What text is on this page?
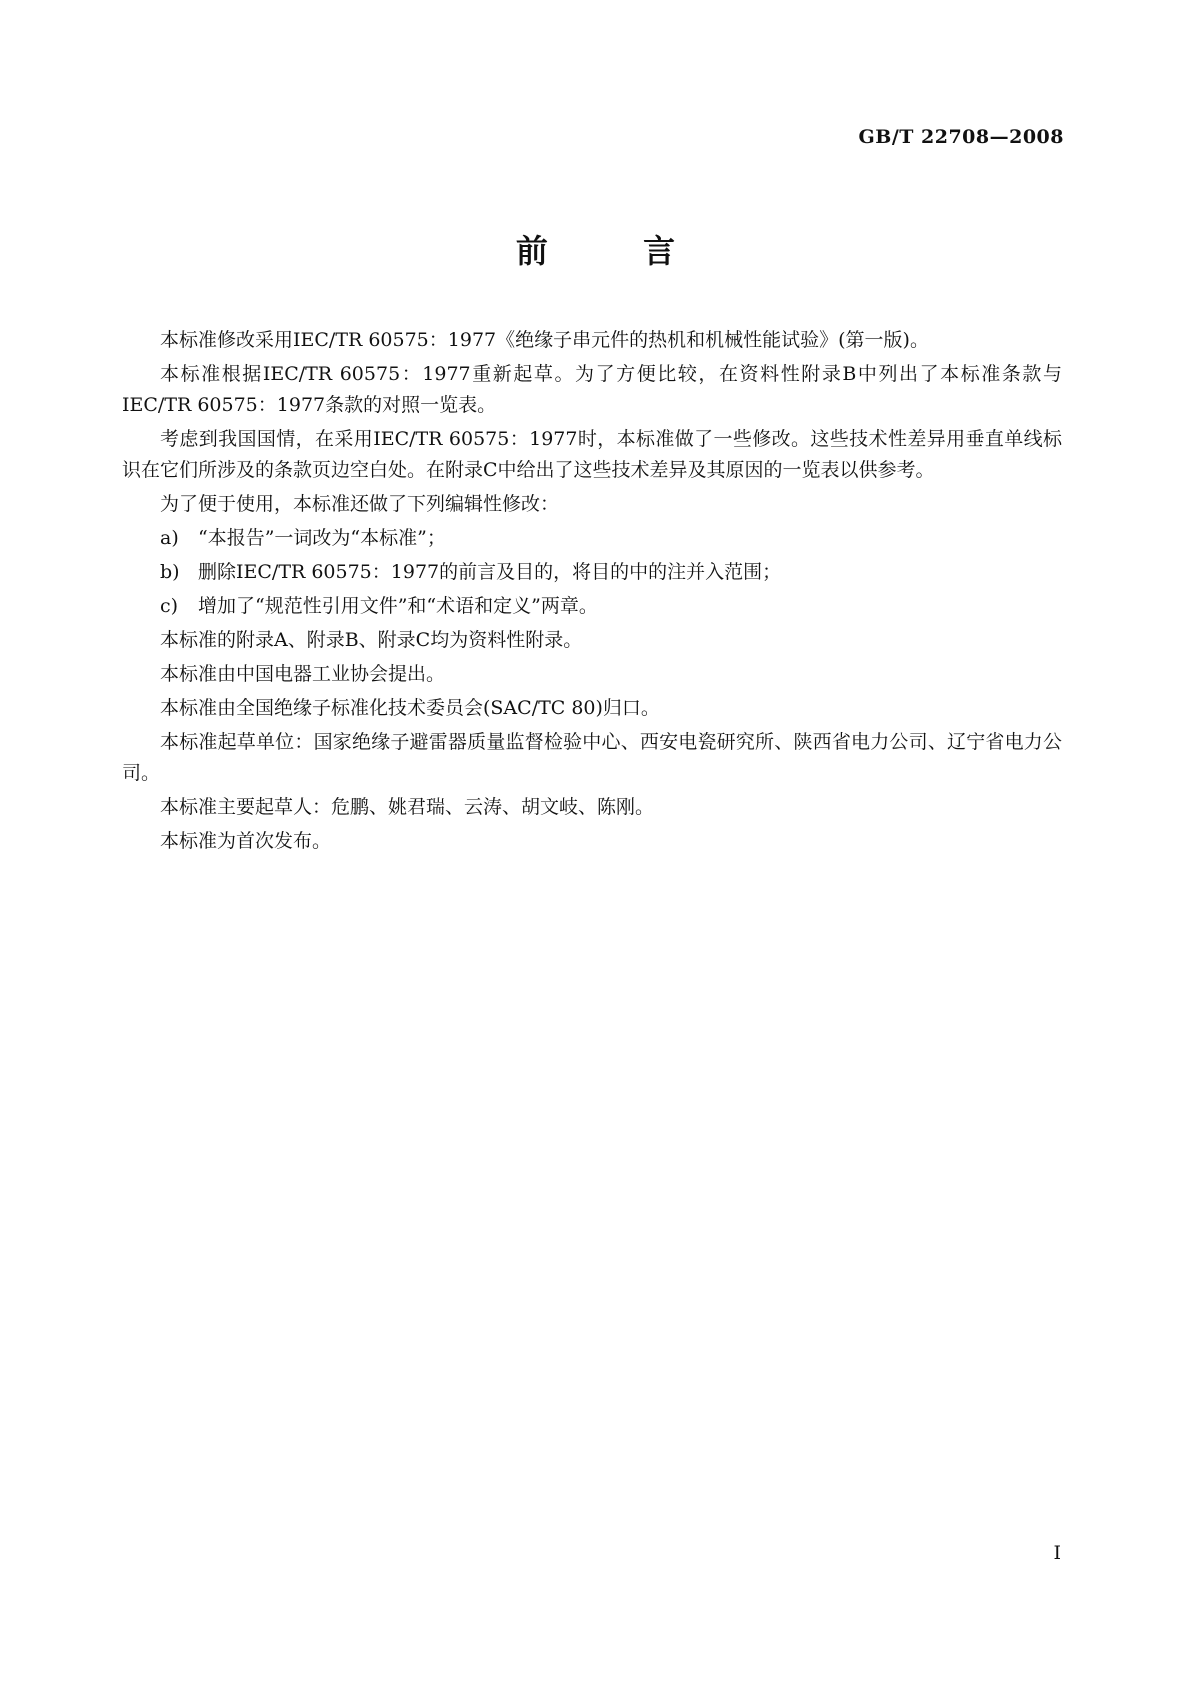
GB/T 22708—2008
前 言

本标准修改采用IEC/TR 60575：1977《绝缘子串元件的热机和机械性能试验》(第一版)。

本标准根据IEC/TR 60575：1977重新起草。为了方便比较，在资料性附录B中列出了本标准条款与IEC/TR 60575：1977条款的对照一览表。

考虑到我国国情，在采用IEC/TR 60575：1977时，本标准做了一些修改。这些技术性差异用垂直单线标识在它们所涉及的条款页边空白处。在附录C中给出了这些技术差异及其原因的一览表以供参考。

为了便于使用，本标准还做了下列编辑性修改：

a) “本报告”一词改为“本标准”；

b) 删除IEC/TR 60575：1977的前言及目的，将目的中的注并入范围；

c) 增加了“规范性引用文件”和“术语和定义”两章。

本标准的附录A、附录B、附录C均为资料性附录。

本标准由中国电器工业协会提出。

本标准由全国绝缘子标准化技术委员会(SAC/TC 80)归口。

本标准起草单位：国家绝缘子避雷器质量监督检验中心、西安电瓷研究所、陕西省电力公司、辽宁省电力公司。

本标准主要起草人：危鹏、姚君瑞、云涛、胡文岐、陈刚。

本标准为首次发布。

I
